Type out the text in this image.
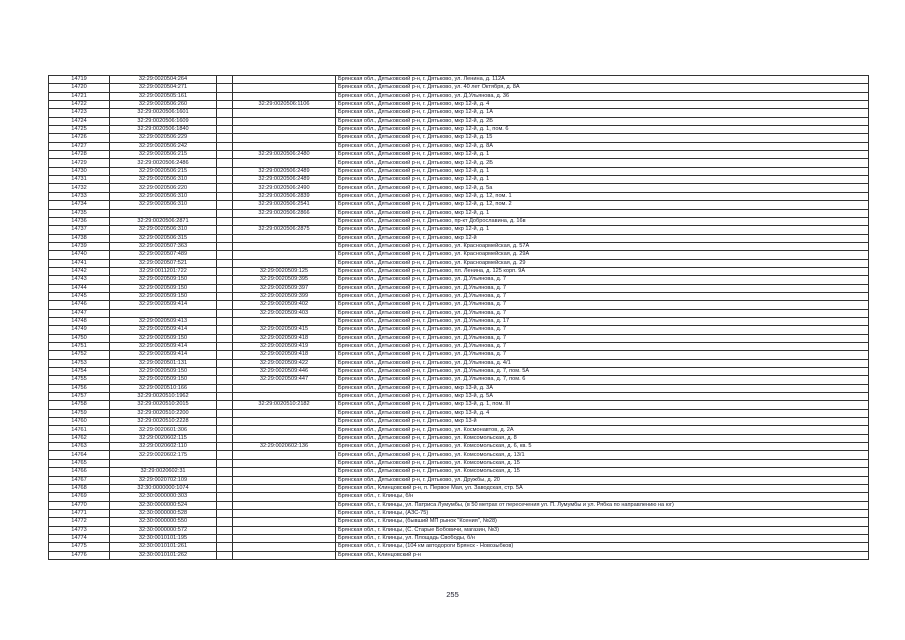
14719	32:29:0020504:264			Брянская обл., Дятьковский р-н, г. Дятьково, ул. Ленина, д. 112А
14720	32:29:0020504:271			Брянская обл., Дятьковский р-н, г. Дятьково, ул. 40 лет Октября, д. 8А
14721	32:29:0020505:161			Брянская обл., Дятьковский р-н, г. Дятьково, ул. Д.Ульянова, д. 36
14722	32:29:0020506:260		32:29:0020506:1106	Брянская обл., Дятьковский р-н, г. Дятьково, мкр 12-й, д. 4
14723	32:29:0020506:1601			Брянская обл., Дятьковский р-н, г. Дятьково, мкр 12-й, д. 1А
14724	32:29:0020506:1609			Брянская обл., Дятьковский р-н, г. Дятьково, мкр 12-й, д. 2Б
14725	32:29:0020506:1840			Брянская обл., Дятьковский р-н, г. Дятьково, мкр 12-й, д. 1, пом. 6
14726	32:29:0020506:229			Брянская обл., Дятьковский р-н, г. Дятьково, мкр 12-й, д. 15
14727	32:29:0020506:242			Брянская обл., Дятьковский р-н, г. Дятьково, мкр 12-й, д. 8А
14728	32:29:0020506:215		32:29:0020506:2480	Брянская обл., Дятьковский р-н, г. Дятьково, мкр 12-й, д. 1
14729	32:29:0020506:2486			Брянская обл., Дятьковский р-н, г. Дятьково, мкр 12-й, д. 2Б
14730	32:29:0020506:215		32:29:0020506:2489	Брянская обл., Дятьковский р-н, г. Дятьково, мкр 12-й, д. 1
14731	32:29:0020506:310		32:29:0020506:2489	Брянская обл., Дятьковский р-н, г. Дятьково, мкр 12-й, д. 1
14732	32:29:0020506:220		32:29:0020506:2490	Брянская обл., Дятьковский р-н, г. Дятьково, мкр 12-й, д. 5а
14733	32:29:0020506:310		32:29:0020506:2839	Брянская обл., Дятьковский р-н, г. Дятьково, мкр 12-й, д. 12, пом. 1
14734	32:29:0020506:310		32:29:0020506:2541	Брянская обл., Дятьковский р-н, г. Дятьково, мкр 12-й, д. 12, пом. 2
14735			32:29:0020506:2866	Брянская обл., Дятьковский р-н, г. Дятьково, мкр 12-й, д. 1
14736	32:29:0020506:2871			Брянская обл., Дятьковский р-н, г. Дятьково, пр-кт Доброславина, д. 16в
14737	32:29:0020506:310		32:29:0020506:2875	Брянская обл., Дятьковский р-н, г. Дятьково, мкр 12-й, д. 1
14738	32:29:0020506:315			Брянская обл., Дятьковский р-н, г. Дятьково, мкр 12-й
14739	32:29:0020507:363			Брянская обл., Дятьковский р-н, г. Дятьково, ул. Красноармейская, д. 57А
14740	32:29:0020507:489			Брянская обл., Дятьковский р-н, г. Дятьково, ул. Красноармейская, д. 29А
14741	32:29:0020507:521			Брянская обл., Дятьковский р-н, г. Дятьково, ул. Красноармейская, д. 29
14742	32:29:0011201:722		32:29:0020509:125	Брянская обл., Дятьковский р-н, г. Дятьково, пл. Ленина, д. 125 корп. 9А
14743	32:29:0020509:150		32:29:0020509:395	Брянская обл., Дятьковский р-н, г. Дятьково, ул. Д.Ульянова, д. 7
14744	32:29:0020509:150		32:29:0020509:397	Брянская обл., Дятьковский р-н, г. Дятьково, ул. Д.Ульянова, д. 7
14745	32:29:0020509:150		32:29:0020509:399	Брянская обл., Дятьковский р-н, г. Дятьково, ул. Д.Ульянова, д. 7
14746	32:29:0020509:414		32:29:0020509:402	Брянская обл., Дятьковский р-н, г. Дятьково, ул. Д.Ульянова, д. 7
14747			32:29:0020509:403	Брянская обл., Дятьковский р-н, г. Дятьково, ул. Д.Ульянова, д. 7
14748	32:29:0020509:413			Брянская обл., Дятьковский р-н, г. Дятьково, ул. Д.Ульянова, д. 17
14749	32:29:0020509:414		32:29:0020509:415	Брянская обл., Дятьковский р-н, г. Дятьково, ул. Д.Ульянова, д. 7
14750	32:29:0020509:150		32:29:0020509:418	Брянская обл., Дятьковский р-н, г. Дятьково, ул. Д.Ульянова, д. 7
14751	32:29:0020509:414		32:29:0020509:419	Брянская обл., Дятьковский р-н, г. Дятьково, ул. Д.Ульянова, д. 7
14752	32:29:0020509:414		32:29:0020509:418	Брянская обл., Дятьковский р-н, г. Дятьково, ул. Д.Ульянова, д. 7
14753	32:29:0020501:131		32:29:0020509:422	Брянская обл., Дятьковский р-н, г. Дятьково, ул. Д.Ульянова, д. 4/1
14754	32:29:0020509:150		32:29:0020509:446	Брянская обл., Дятьковский р-н, г. Дятьково, ул. Д.Ульянова, д. 7, пом. 5А
14755	32:29:0020509:150		32:29:0020509:447	Брянская обл., Дятьковский р-н, г. Дятьково, ул. Д.Ульянова, д. 7, пом. 6
14756	32:29:0020510:166			Брянская обл., Дятьковский р-н, г. Дятьково, мкр 13-й, д. 3А
14757	32:29:0020510:1962			Брянская обл., Дятьковский р-н, г. Дятьково, мкр 13-й, д. 5А
14758	32:29:0020510:2015		32:29:0020510:2182	Брянская обл., Дятьковский р-н, г. Дятьково, мкр 13-й, д. 1, пом. III
14759	32:29:0020510:2200			Брянская обл., Дятьковский р-н, г. Дятьково, мкр 13-й, д. 4
14760	32:29:0020510:2228			Брянская обл., Дятьковский р-н, г. Дятьково, мкр 13-й
14761	32:29:0020601:306			Брянская обл., Дятьковский р-н, г. Дятьково, ул. Космонавтов, д. 2А
14762	32:29:0020602:115			Брянская обл., Дятьковский р-н, г. Дятьково, ул. Комсомольская, д. 8
14763	32:29:0020602:110		32:29:0020602:136	Брянская обл., Дятьковский р-н, г. Дятьково, ул. Комсомольская, д. 6, кв. 5
14764	32:29:0020602:175			Брянская обл., Дятьковский р-н, г. Дятьково, ул. Комсомольская, д. 13/1
14765				Брянская обл., Дятьковский р-н, г. Дятьково, ул. Комсомольская, д. 15
14766	32:29:0020602:31			Брянская обл., Дятьковский р-н, г. Дятьково, ул. Комсомольская, д. 15
14767	32:29:0020702:109			Брянская обл., Дятьковский р-н, г. Дятьково, ул. Дружбы, д. 20
14768	32:30:0000000:1074			Брянская обл., Клинцовский р-н, п. Первое Мая, ул. Заводская, стр. 5А
14769	32:30:0000000:303			Брянская обл., г. Клинцы, б/н
14770	32:30:0000000:524			Брянская обл., г. Клинцы, ул. Патриса Лумумбы, (в 50 метрах от пересечения ул. П. Лумумбы и ул. Рябка по направлению на юг)
14771	32:30:0000000:528			Брянская обл., г. Клинцы, (АЗС-75)
14772	32:30:0000000:550			Брянская обл., г. Клинцы, (бывший МП рынок "Ксения", №28)
14773	32:30:0000000:572			Брянская обл., г. Клинцы, (С. Старые Бобовичи, магазин, №3)
14774	32:30:0010101:195			Брянская обл., г. Клинцы, ул. Площадь Свободы, б/н
14775	32:30:0010101:261			Брянская обл., г. Клинцы, (104 км автодороги Брянск - Новозыбков)
14776	32:30:0010101:262			Брянская обл., Клинцовский р-н
255
